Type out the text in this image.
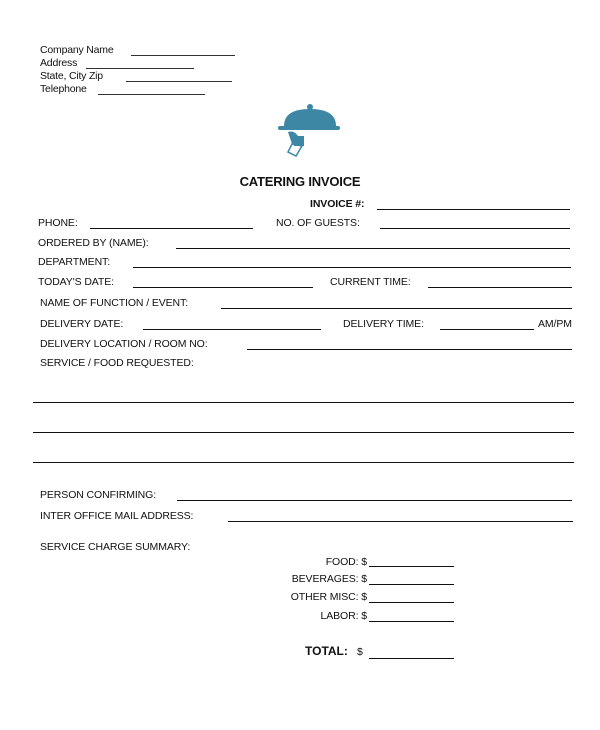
Company Name
Address
State, City Zip
Telephone
CATERING INVOICE
INVOICE #:
PHONE:	NO. OF GUESTS:
ORDERED BY (NAME):
DEPARTMENT:
TODAY'S DATE:	CURRENT TIME:
NAME OF FUNCTION / EVENT:
DELIVERY DATE:	DELIVERY TIME:	AM/PM
DELIVERY LOCATION / ROOM NO:
SERVICE / FOOD REQUESTED:
PERSON CONFIRMING:
INTER OFFICE MAIL ADDRESS:
SERVICE CHARGE SUMMARY:
FOOD: $
BEVERAGES: $
OTHER MISC: $
LABOR: $
TOTAL: $
